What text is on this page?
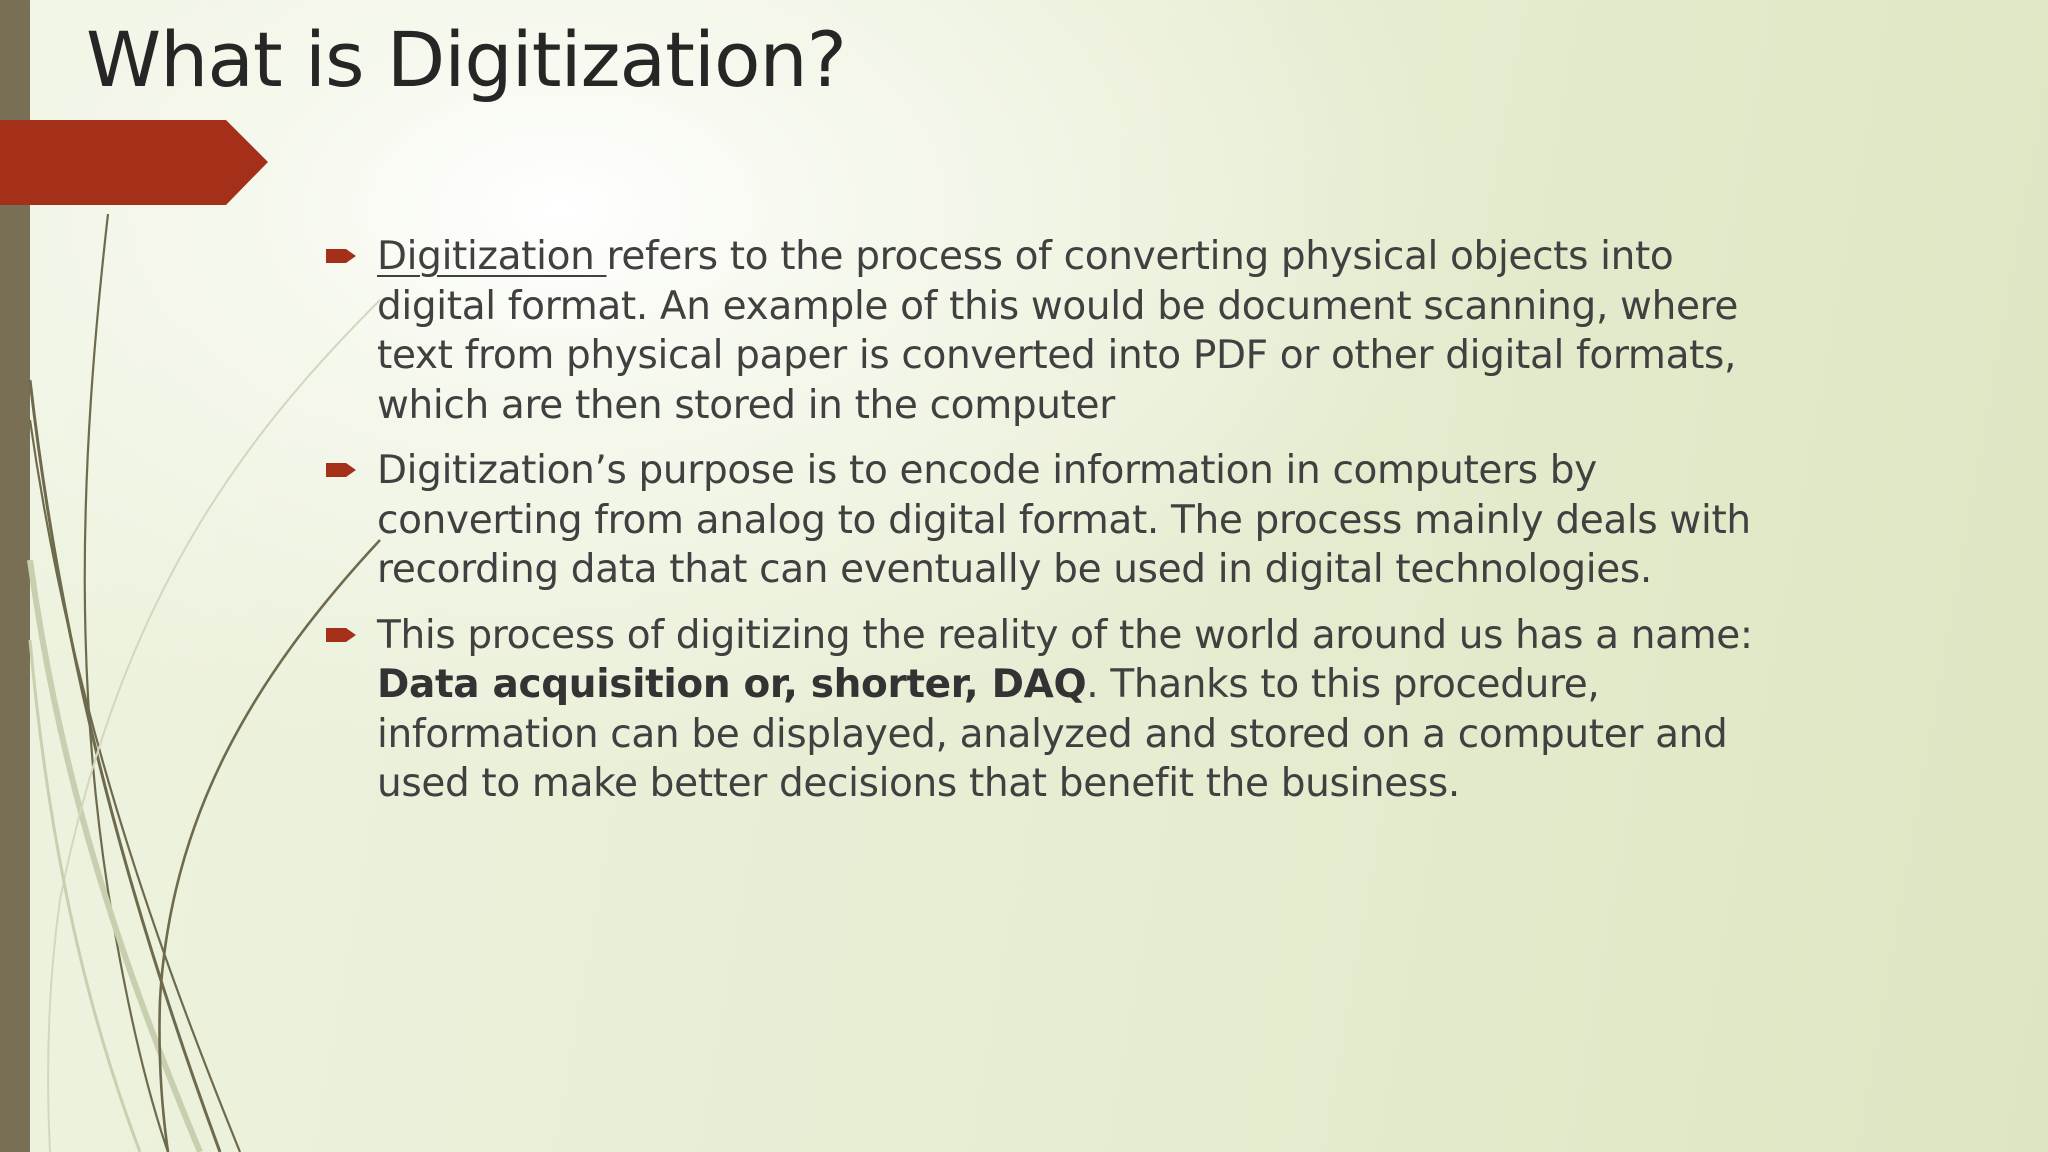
What is Digitization?
Digitization refers to the process of converting physical objects into digital format. An example of this would be document scanning, where text from physical paper is converted into PDF or other digital formats, which are then stored in the computer
Digitization’s purpose is to encode information in computers by converting from analog to digital format. The process mainly deals with recording data that can eventually be used in digital technologies.
This process of digitizing the reality of the world around us has a name: Data acquisition or, shorter, DAQ. Thanks to this procedure, information can be displayed, analyzed and stored on a computer and used to make better decisions that benefit the business.
